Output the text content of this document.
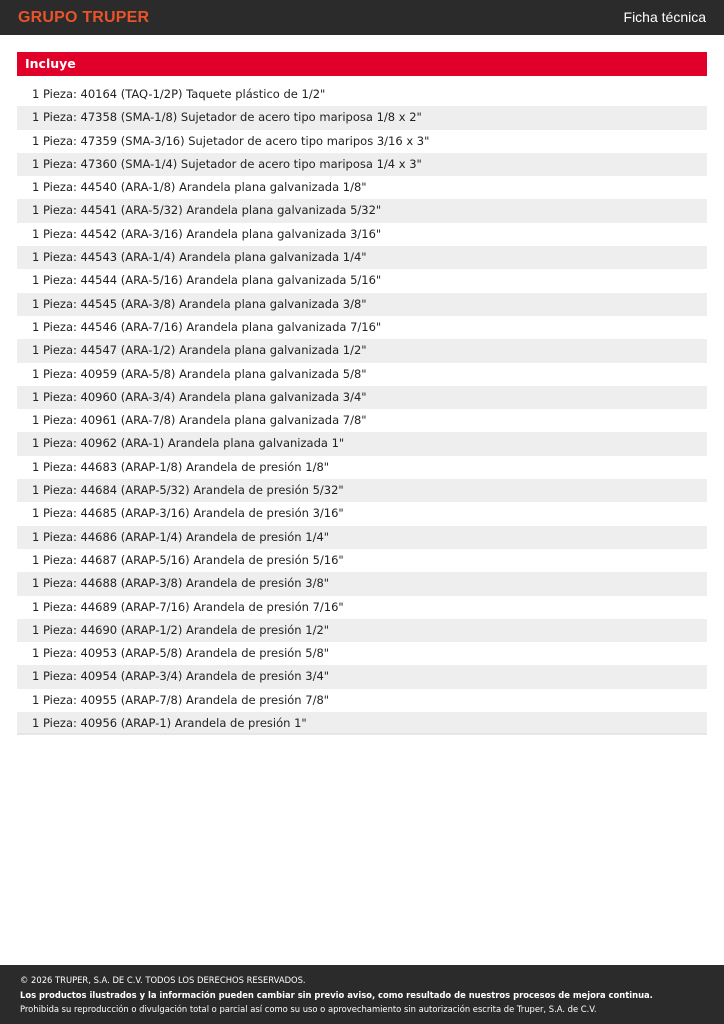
GRUPO TRUPER	Ficha técnica
Incluye
1 Pieza: 40164 (TAQ-1/2P) Taquete plástico de 1/2"
1 Pieza: 47358 (SMA-1/8) Sujetador de acero tipo mariposa 1/8 x 2"
1 Pieza: 47359 (SMA-3/16) Sujetador de acero tipo maripos 3/16 x 3"
1 Pieza: 47360 (SMA-1/4) Sujetador de acero tipo mariposa 1/4 x 3"
1 Pieza: 44540 (ARA-1/8) Arandela plana galvanizada 1/8"
1 Pieza: 44541 (ARA-5/32) Arandela plana galvanizada 5/32"
1 Pieza: 44542 (ARA-3/16) Arandela plana galvanizada 3/16"
1 Pieza: 44543 (ARA-1/4) Arandela plana galvanizada 1/4"
1 Pieza: 44544 (ARA-5/16) Arandela plana galvanizada 5/16"
1 Pieza: 44545 (ARA-3/8) Arandela plana galvanizada 3/8"
1 Pieza: 44546 (ARA-7/16) Arandela plana galvanizada 7/16"
1 Pieza: 44547 (ARA-1/2) Arandela plana galvanizada 1/2"
1 Pieza: 40959 (ARA-5/8) Arandela plana galvanizada 5/8"
1 Pieza: 40960 (ARA-3/4) Arandela plana galvanizada 3/4"
1 Pieza: 40961 (ARA-7/8) Arandela plana galvanizada 7/8"
1 Pieza: 40962 (ARA-1) Arandela plana galvanizada 1"
1 Pieza: 44683 (ARAP-1/8) Arandela de presión 1/8"
1 Pieza: 44684 (ARAP-5/32) Arandela de presión 5/32"
1 Pieza: 44685 (ARAP-3/16) Arandela de presión 3/16"
1 Pieza: 44686 (ARAP-1/4) Arandela de presión 1/4"
1 Pieza: 44687 (ARAP-5/16) Arandela de presión 5/16"
1 Pieza: 44688 (ARAP-3/8) Arandela de presión 3/8"
1 Pieza: 44689 (ARAP-7/16) Arandela de presión 7/16"
1 Pieza: 44690 (ARAP-1/2) Arandela de presión 1/2"
1 Pieza: 40953 (ARAP-5/8) Arandela de presión 5/8"
1 Pieza: 40954 (ARAP-3/4) Arandela de presión 3/4"
1 Pieza: 40955 (ARAP-7/8) Arandela de presión 7/8"
1 Pieza: 40956 (ARAP-1) Arandela de presión 1"
© 2026 TRUPER, S.A. DE C.V. TODOS LOS DERECHOS RESERVADOS.
Los productos ilustrados y la información pueden cambiar sin previo aviso, como resultado de nuestros procesos de mejora continua.
Prohibida su reproducción o divulgación total o parcial así como su uso o aprovechamiento sin autorización escrita de Truper, S.A. de C.V.
